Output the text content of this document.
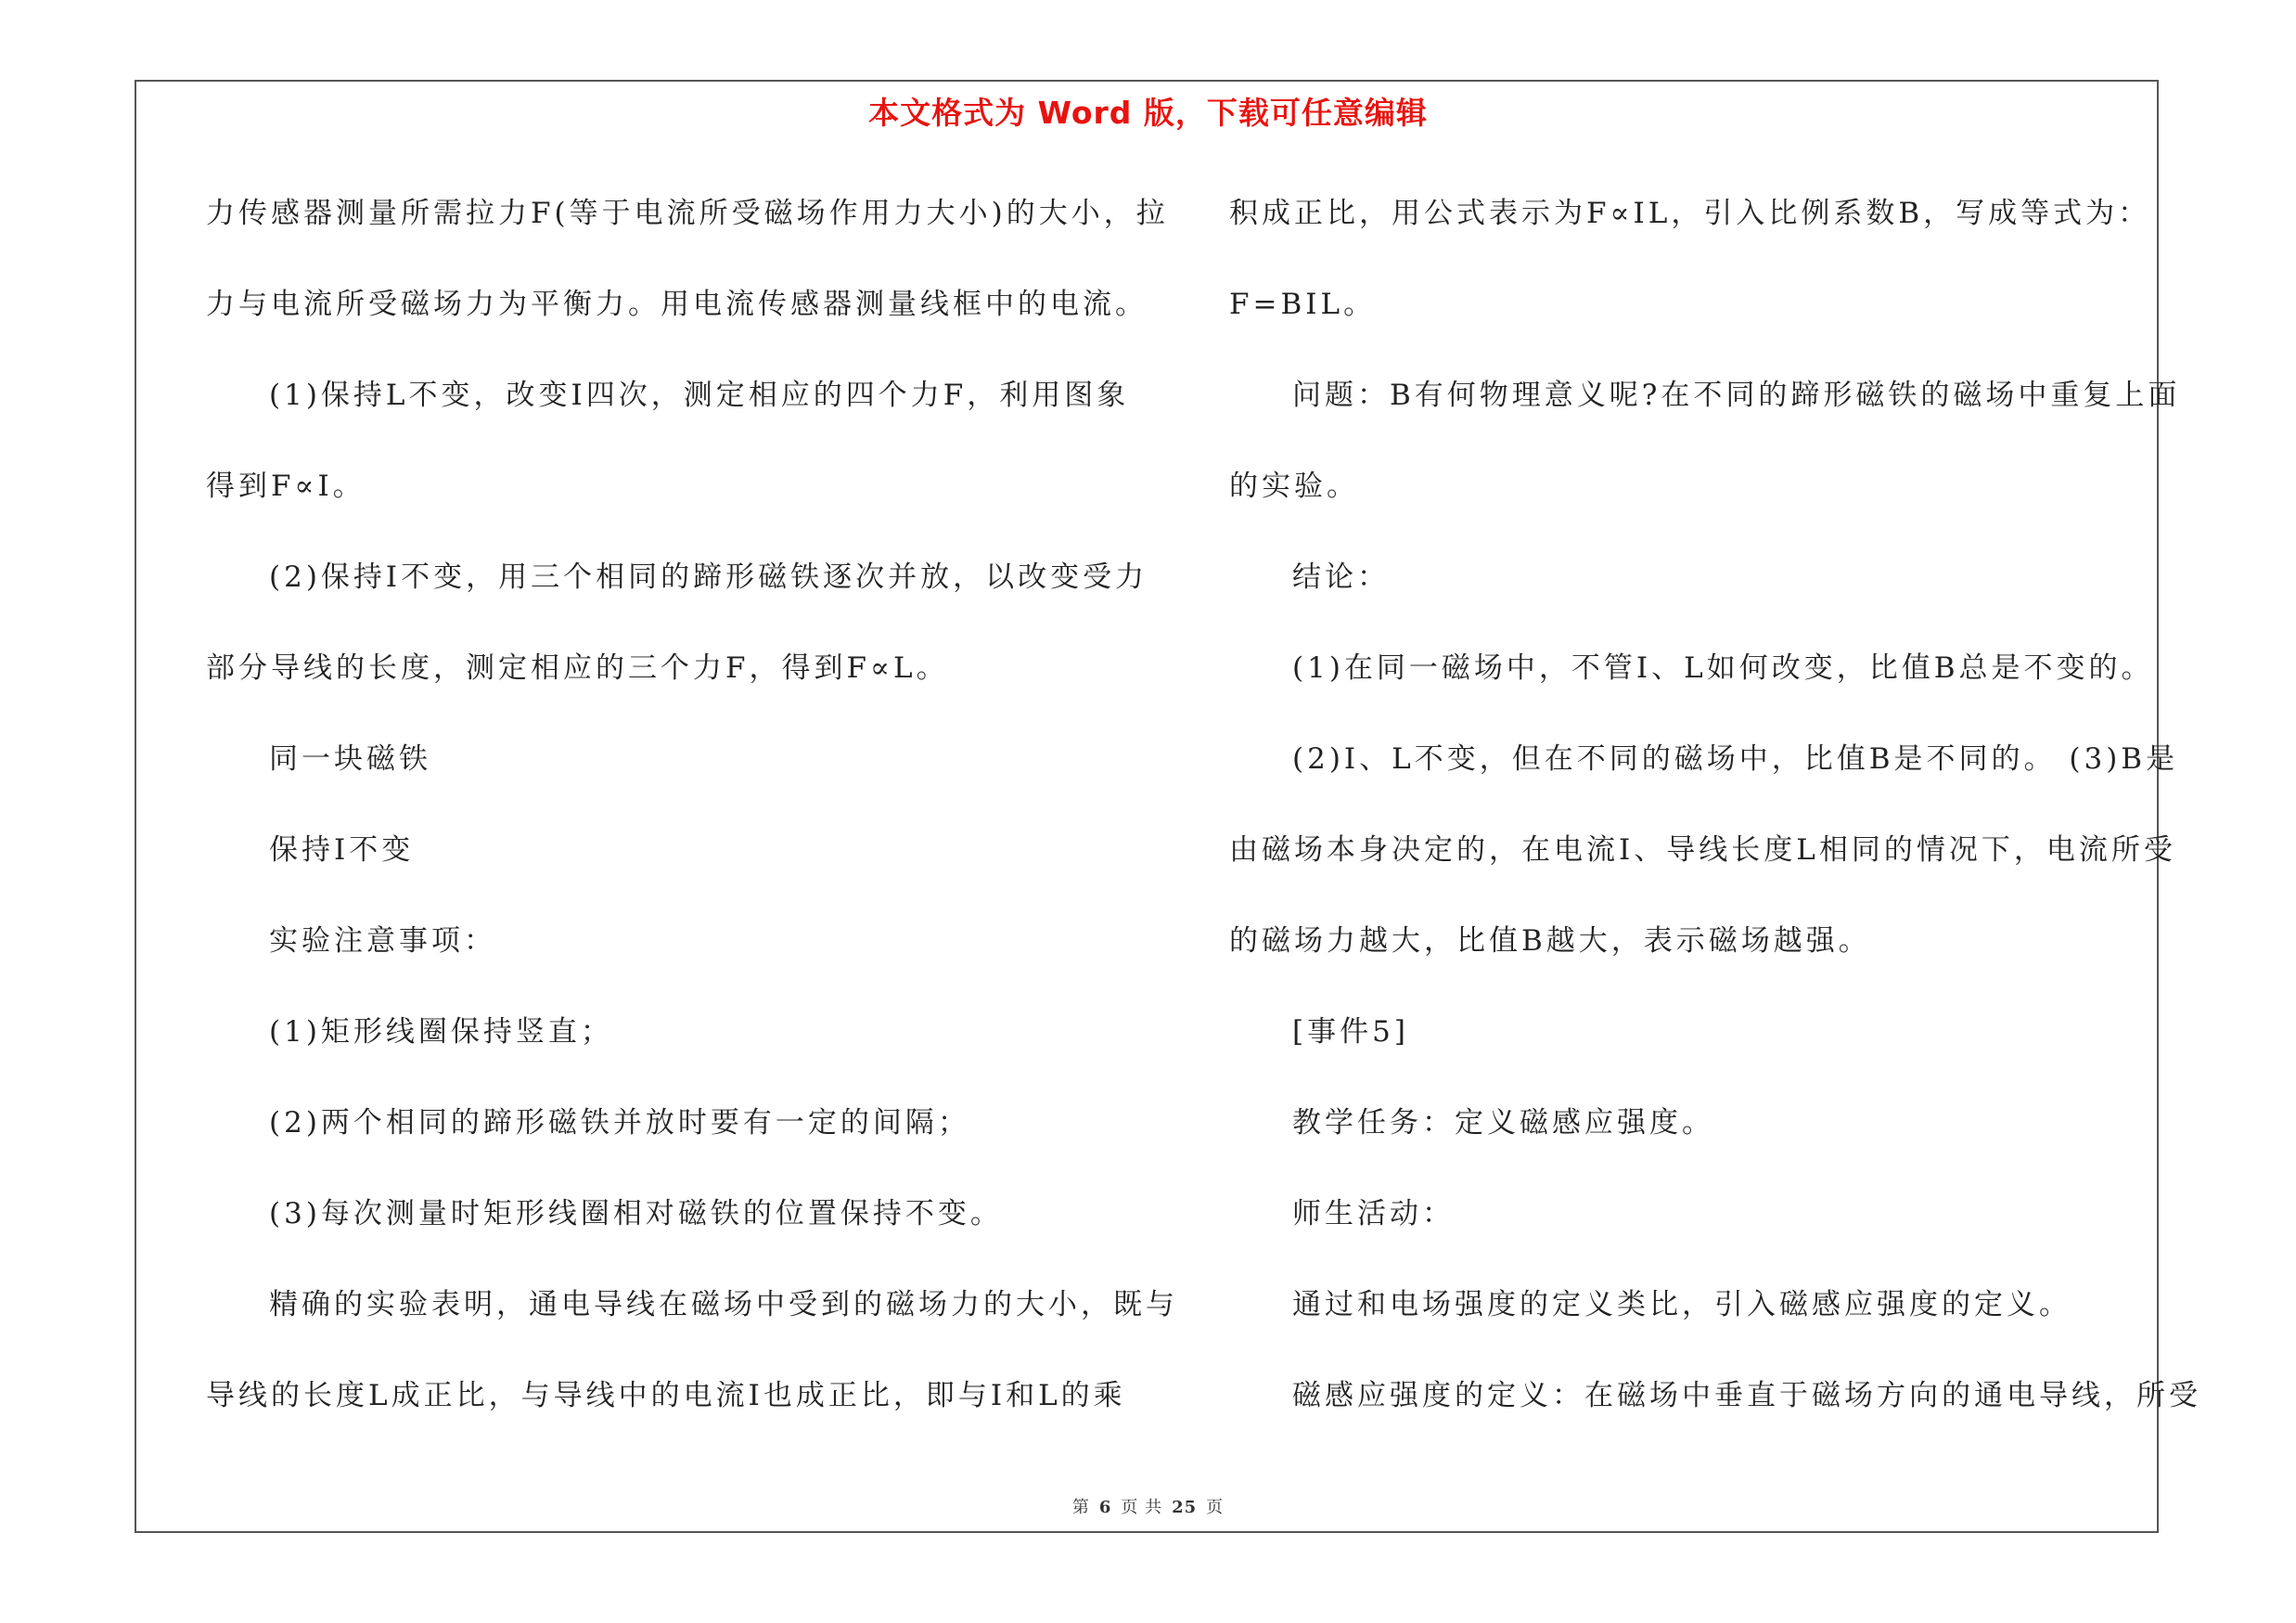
本文格式为 Word 版，下载可任意编辑
力传感器测量所需拉力F(等于电流所受磁场作用力大小)的大小，拉
力与电流所受磁场力为平衡力。用电流传感器测量线框中的电流。
(1)保持L不变，改变I四次，测定相应的四个力F，利用图象
得到F∝I。
(2)保持I不变，用三个相同的蹄形磁铁逐次并放，以改变受力
部分导线的长度，测定相应的三个力F，得到F∝L。
同一块磁铁
保持I不变
实验注意事项：
(1)矩形线圈保持竖直；
(2)两个相同的蹄形磁铁并放时要有一定的间隔；
(3)每次测量时矩形线圈相对磁铁的位置保持不变。
精确的实验表明，通电导线在磁场中受到的磁场力的大小，既与
导线的长度L成正比，与导线中的电流I也成正比，即与I和L的乘
积成正比，用公式表示为F∝IL，引入比例系数B，写成等式为：
F=BIL。
问题：B有何物理意义呢?在不同的蹄形磁铁的磁场中重复上面
的实验。
结论：
(1)在同一磁场中，不管I、L如何改变，比值B总是不变的。
(2)I、L不变，但在不同的磁场中，比值B是不同的。 (3)B是
由磁场本身决定的，在电流I、导线长度L相同的情况下，电流所受
的磁场力越大，比值B越大，表示磁场越强。
[事件5]
教学任务：定义磁感应强度。
师生活动：
通过和电场强度的定义类比，引入磁感应强度的定义。
磁感应强度的定义：在磁场中垂直于磁场方向的通电导线，所受
第 6 页 共 25 页
